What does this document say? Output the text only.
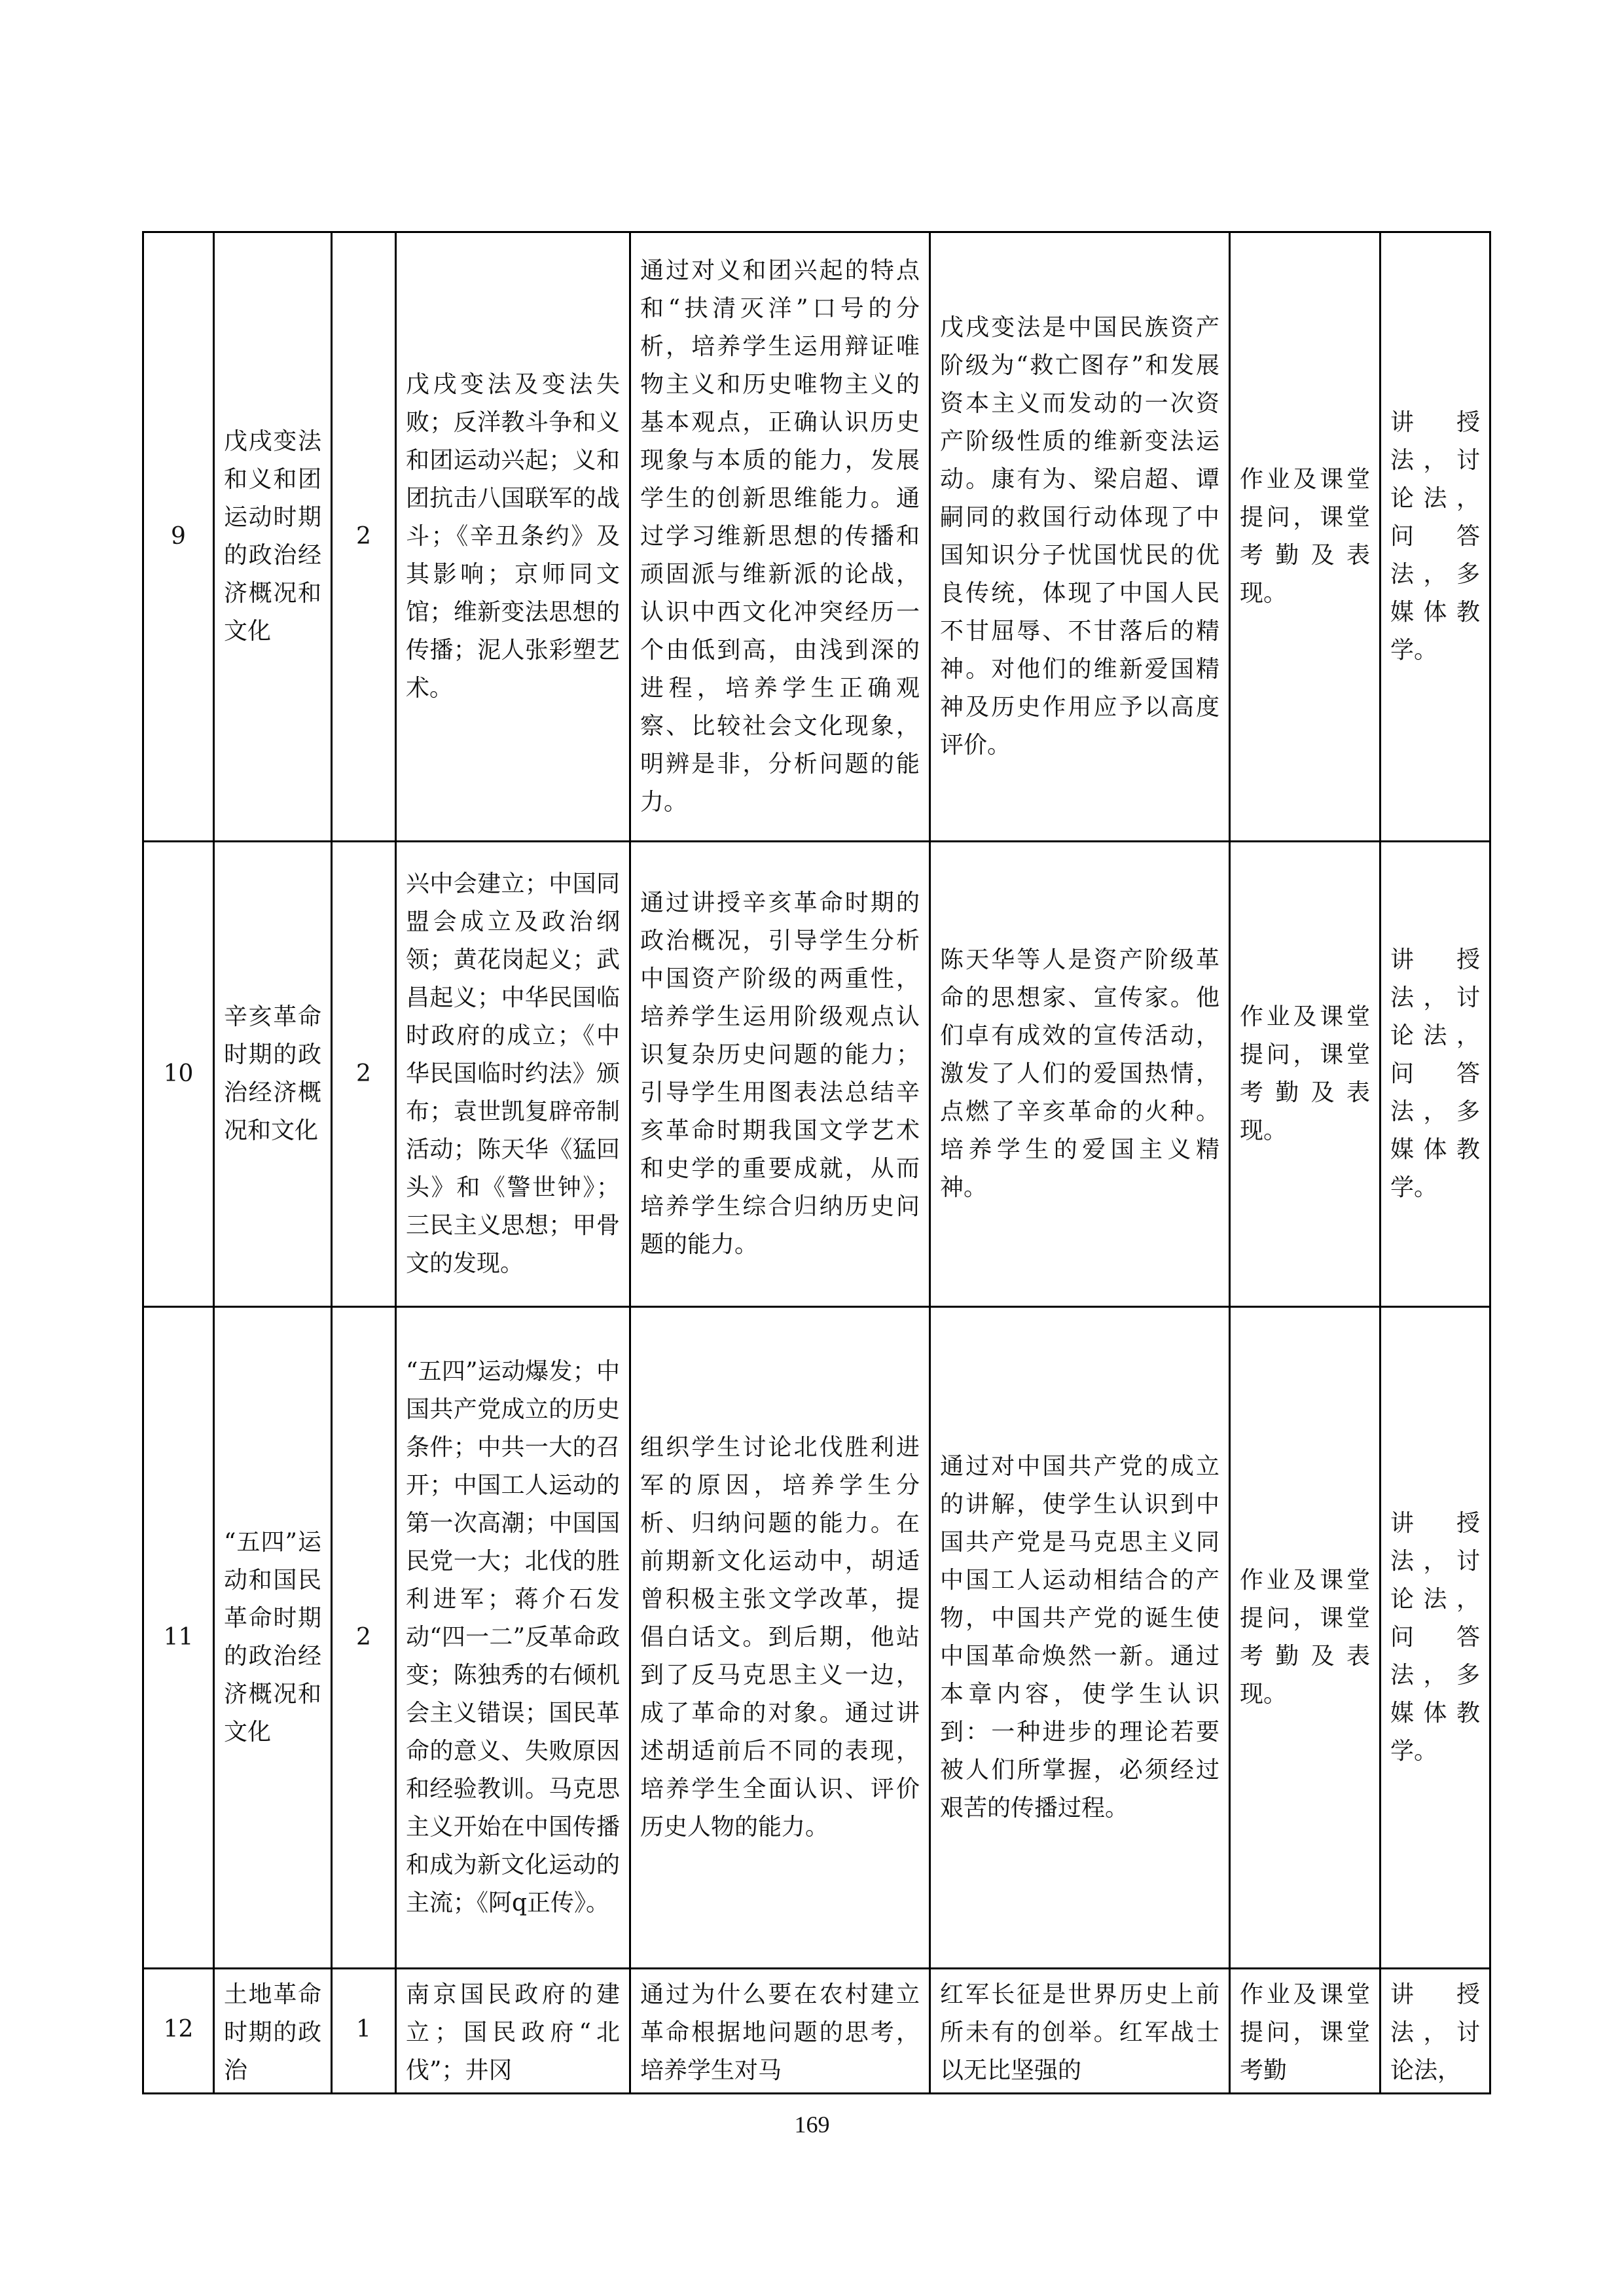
9	戊戌变法和义和团运动时期的政治经济概况和文化	2	戊戌变法及变法失败；反洋教斗争和义和团运动兴起；义和团抗击八国联军的战斗；《辛丑条约》及其影响；京师同文馆；维新变法思想的传播；泥人张彩塑艺术。	通过对义和团兴起的特点和“扶清灭洋”口号的分析，培养学生运用辩证唯物主义和历史唯物主义的基本观点，正确认识历史现象与本质的能力，发展学生的创新思维能力。通过学习维新思想的传播和顽固派与维新派的论战，认识中西文化冲突经历一个由低到高，由浅到深的进程，培养学生正确观察、比较社会文化现象，明辨是非，分析问题的能力。	戊戌变法是中国民族资产阶级为“救亡图存”和发展资本主义而发动的一次资产阶级性质的维新变法运动。康有为、梁启超、谭嗣同的救国行动体现了中国知识分子忧国忧民的优良传统，体现了中国人民不甘屈辱、不甘落后的精神。对他们的维新爱国精神及历史作用应予以高度评价。	作业及课堂提问，课堂考勤及表现。	讲授法，讨论法，问答法，多媒体教学。
10	辛亥革命时期的政治经济概况和文化	2	兴中会建立；中国同盟会成立及政治纲领；黄花岗起义；武昌起义；中华民国临时政府的成立；《中华民国临时约法》颁布；袁世凯复辟帝制活动；陈天华《猛回头》和《警世钟》；三民主义思想；甲骨文的发现。	通过讲授辛亥革命时期的政治概况，引导学生分析中国资产阶级的两重性，培养学生运用阶级观点认识复杂历史问题的能力；引导学生用图表法总结辛亥革命时期我国文学艺术和史学的重要成就，从而培养学生综合归纳历史问题的能力。	陈天华等人是资产阶级革命的思想家、宣传家。他们卓有成效的宣传活动，激发了人们的爱国热情，点燃了辛亥革命的火种。培养学生的爱国主义精神。	作业及课堂提问，课堂考勤及表现。	讲授法，讨论法，问答法，多媒体教学。
11	“五四”运动和国民革命时期的政治经济概况和文化	2	“五四”运动爆发；中国共产党成立的历史条件；中共一大的召开；中国工人运动的第一次高潮；中国国民党一大；北伐的胜利进军；蒋介石发动“四一二”反革命政变；陈独秀的右倾机会主义错误；国民革命的意义、失败原因和经验教训。马克思主义开始在中国传播和成为新文化运动的主流；《阿q正传》。	组织学生讨论北伐胜利进军的原因，培养学生分析、归纳问题的能力。在前期新文化运动中，胡适曾积极主张文学改革，提倡白话文。到后期，他站到了反马克思主义一边，成了革命的对象。通过讲述胡适前后不同的表现，培养学生全面认识、评价历史人物的能力。	通过对中国共产党的成立的讲解，使学生认识到中国共产党是马克思主义同中国工人运动相结合的产物，中国共产党的诞生使中国革命焕然一新。通过本章内容，使学生认识到：一种进步的理论若要被人们所掌握，必须经过艰苦的传播过程。	作业及课堂提问，课堂考勤及表现。	讲授法，讨论法，问答法，多媒体教学。
12	土地革命时期的政治	1	南京国民政府的建立；国民政府“北伐”；井冈	通过为什么要在农村建立革命根据地问题的思考，培养学生对马	红军长征是世界历史上前所未有的创举。红军战士以无比坚强的	作业及课堂提问，课堂考勤	讲授法，讨论法，
169
